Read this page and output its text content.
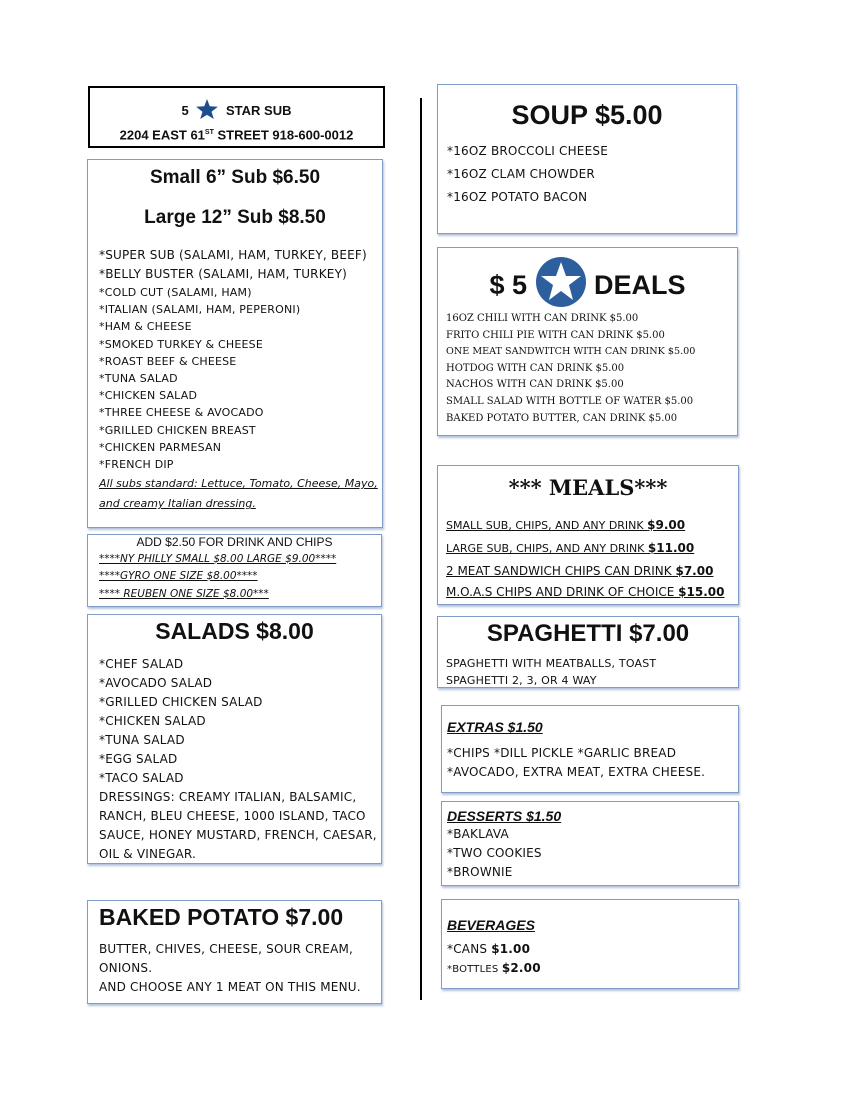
5	STAR SUB
2204 EAST 61ST STREET 918-600-0012
Small 6” Sub $6.50
Large 12” Sub $8.50
*SUPER SUB (SALAMI, HAM, TURKEY, BEEF)
*BELLY BUSTER (SALAMI, HAM, TURKEY)
*COLD CUT (SALAMI, HAM)
*ITALIAN (SALAMI, HAM, PEPERONI)
*HAM & CHEESE
*SMOKED TURKEY & CHEESE
*ROAST BEEF & CHEESE
*TUNA SALAD
*CHICKEN SALAD
*THREE CHEESE & AVOCADO
*GRILLED CHICKEN BREAST
*CHICKEN PARMESAN
*FRENCH DIP
All subs standard: Lettuce, Tomato, Cheese, Mayo,
and creamy Italian dressing.
ADD $2.50 FOR DRINK AND CHIPS
****NY PHILLY SMALL $8.00 LARGE $9.00****
****GYRO ONE SIZE $8.00****
**** REUBEN ONE SIZE $8.00***
SALADS $8.00
*CHEF SALAD
*AVOCADO SALAD
*GRILLED CHICKEN SALAD
*CHICKEN SALAD
*TUNA SALAD
*EGG SALAD
*TACO SALAD
DRESSINGS: CREAMY ITALIAN, BALSAMIC,
RANCH, BLEU CHEESE, 1000 ISLAND, TACO
SAUCE, HONEY MUSTARD, FRENCH, CAESAR,
OIL & VINEGAR.
BAKED POTATO $7.00
BUTTER, CHIVES, CHEESE, SOUR CREAM,
ONIONS.
AND CHOOSE ANY 1 MEAT ON THIS MENU.
SOUP $5.00
*16OZ BROCCOLI CHEESE
*16OZ CLAM CHOWDER
*16OZ POTATO BACON
$ 5 DEALS
16OZ CHILI WITH CAN DRINK $5.00
FRITO CHILI PIE WITH CAN DRINK $5.00
ONE MEAT SANDWITCH WITH CAN DRINK $5.00
HOTDOG WITH CAN DRINK $5.00
NACHOS WITH CAN DRINK $5.00
SMALL SALAD WITH BOTTLE OF WATER $5.00
BAKED POTATO BUTTER, CAN DRINK $5.00
*** MEALS***
SMALL SUB, CHIPS, AND ANY DRINK $9.00
LARGE SUB, CHIPS, AND ANY DRINK $11.00
2 MEAT SANDWICH CHIPS CAN DRINK $7.00
M.O.A.S CHIPS AND DRINK OF CHOICE $15.00
SPAGHETTI $7.00
SPAGHETTI WITH MEATBALLS, TOAST
SPAGHETTI 2, 3, OR 4 WAY
EXTRAS $1.50
*CHIPS *DILL PICKLE *GARLIC BREAD
*AVOCADO, EXTRA MEAT, EXTRA CHEESE.
DESSERTS $1.50
*BAKLAVA
*TWO COOKIES
*BROWNIE
BEVERAGES
*CANS $1.00
*BOTTLES $2.00
